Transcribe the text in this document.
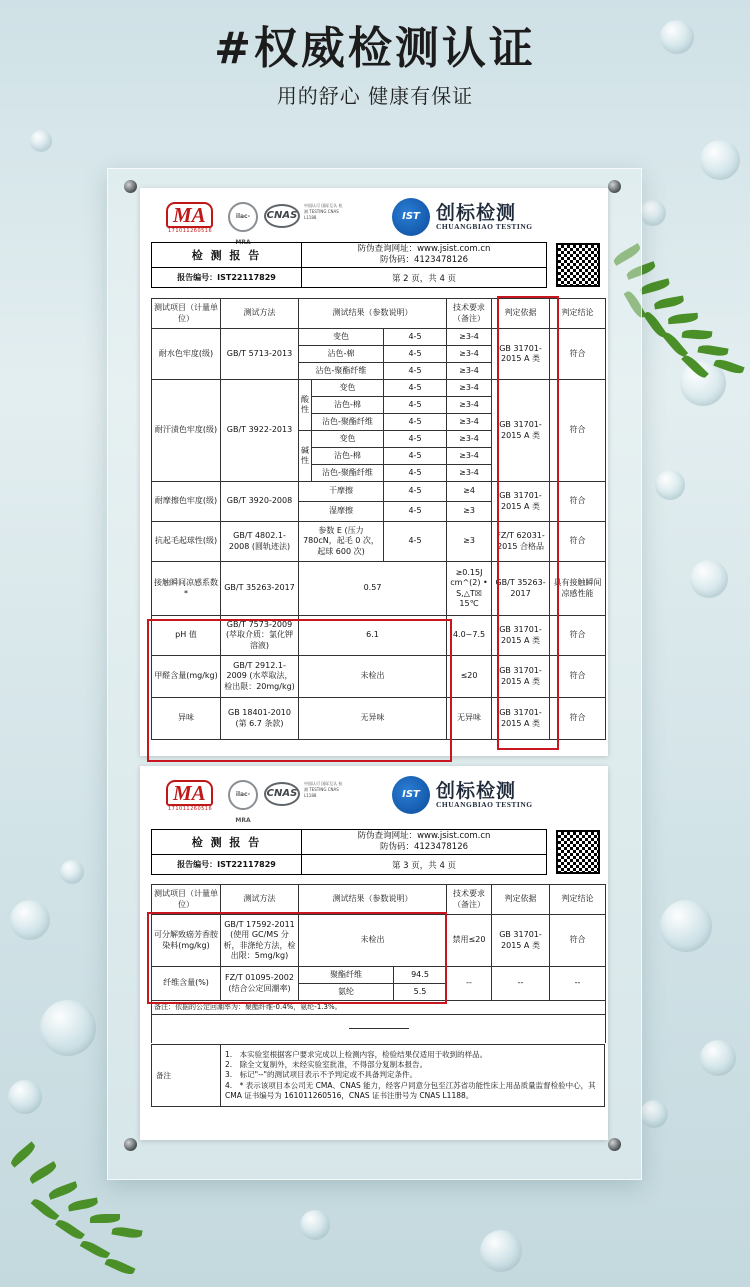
#权威检测认证
用的舒心 健康有保证
MA
171011260516
ilac-MRA
CNAS
中国认可 国际互认 检测 TESTING CNAS L1188	IST 创标检测
CHUANGBIAO TESTING
检 测 报 告	防伪查询网址：www.jsist.com.cn
防伪码：4123478126

报告编号：IST22117829	第 2 页，共 4 页
测试项目（计量单位）	测试方法	测试结果（参数说明）			技术要求（备注）	判定依据	判定结论
耐水色牢度(级)	GB/T 5713-2013	变色		4-5	≥3-4	GB 31701-2015 A 类	符合
		沾色-棉		4-5	≥3-4		
		沾色-聚酯纤维		4-5	≥3-4		
耐汗渍色牢度(级)	GB/T 3922-2013	酸性	变色	4-5	≥3-4	GB 31701-2015 A 类	符合
			沾色-棉	4-5	≥3-4		
			沾色-聚酯纤维	4-5	≥3-4		
		碱性	变色	4-5	≥3-4		
			沾色-棉	4-5	≥3-4		
			沾色-聚酯纤维	4-5	≥3-4		
耐摩擦色牢度(级)	GB/T 3920-2008	干摩擦		4-5	≥4	GB 31701-2015 A 类	符合
		湿摩擦		4-5	≥3		
抗起毛起球性(级)	GB/T 4802.1-2008 (圆轨迹法)	参数 E (压力 780cN，起毛 0 次，起球 600 次)		4-5	≥3	FZ/T 62031-2015 合格品	符合
接触瞬间凉感系数*	GB/T 35263-2017	0.57			≥0.15J cm^(2) • S,△T☒ 15℃	GB/T 35263-2017	具有接触瞬间凉感性能
pH 值	GB/T 7573-2009 (萃取介质：氯化钾溶液)	6.1			4.0~7.5	GB 31701-2015 A 类	符合
甲醛含量(mg/kg)	GB/T 2912.1-2009 (水萃取法，检出限：20mg/kg)	未检出			≤20	GB 31701-2015 A 类	符合
异味	GB 18401-2010 (第 6.7 条款)	无异味			无异味	GB 31701-2015 A 类	符合
MA
171011260516
ilac-MRA
CNAS
中国认可 国际互认 检测 TESTING CNAS L1188	IST 创标检测
CHUANGBIAO TESTING
检 测 报 告	防伪查询网址：www.jsist.com.cn
防伪码：4123478126

报告编号：IST22117829	第 3 页，共 4 页
测试项目（计量单位）	测试方法	测试结果（参数说明）		技术要求（备注）	判定依据	判定结论
可分解致癌芳香胺染料(mg/kg)	GB/T 17592-2011 (使用 GC/MS 分析，非涤纶方法，检出限：5mg/kg)	未检出		禁用≤20	GB 31701-2015 A 类	符合
纤维含量(%)	FZ/T 01095-2002 (结合公定回潮率)	聚酯纤维	94.5	--	--	--
		氨纶	5.5			
备注：依据的公定回潮率为：聚酯纤维-0.4%，氨纶-1.3%。						

备注	
1.　本实验室根据客户要求完成以上检测内容，检验结果仅适用于收到的样品。
2.　除全文复制外，未经实验室批准，不得部分复制本报告。
3.　标记"--"的测试项目表示不予判定或不具备判定条件。
4.　* 表示该项目本公司无 CMA、CNAS 能力，经客户同意分包至江苏省功能性床上用品质量监督检验中心，其 CMA 证书编号为 161011260516，CNAS 证书注册号为 CNAS L1188。
